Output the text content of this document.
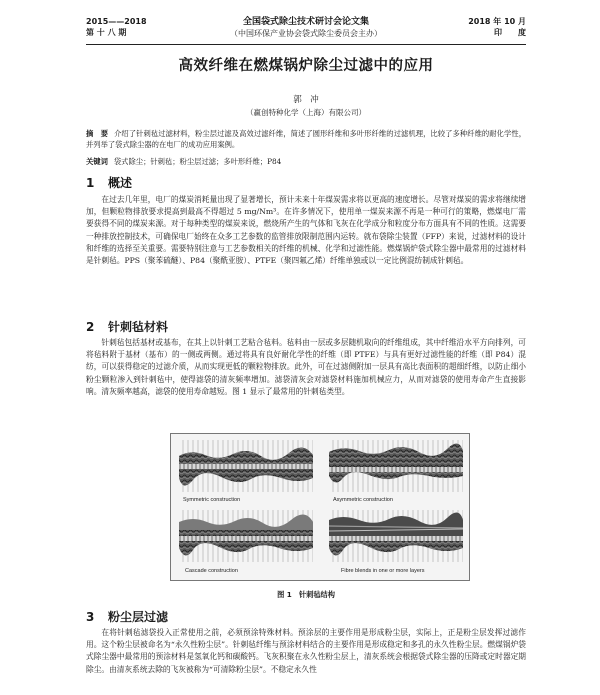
2015——2018
第 十 八 期
全国袋式除尘技术研讨会论文集
（中国环保产业协会袋式除尘委员会主办）
2018 年 10 月
印　　度
高效纤维在燃煤锅炉除尘过滤中的应用
郭　冲
（赢创特种化学（上海）有限公司）
摘　要 介绍了针刺毡过滤材料，粉尘层过滤及高效过滤纤维，简述了圆形纤维和多叶形纤维的过滤机理，比较了多种纤维的耐化学性，并列举了袋式除尘器的在电厂的成功应用案例。
关键词 袋式除尘；针刺毡；粉尘层过滤；多叶形纤维；P84
1 概述
在过去几年里，电厂的煤炭消耗量出现了显著增长，预计未来十年煤炭需求将以更高的速度增长。尽管对煤炭的需求将继续增加，但颗粒物排放要求提高到最高不得超过 5 mg/Nm³。在许多情况下，使用单一煤炭来源不再是一种可行的策略，燃煤电厂需要获得不同的煤炭来源。对于每种类型的煤炭来说，燃烧所产生的气体和飞灰在化学成分和粒度分布方面具有不同的性质。这需要一种排放控制技术，可确保电厂始终在众多工艺参数的监管排放限制范围内运转。就布袋除尘装置（FFP）来说，过滤材料的设计和纤维的选择至关重要。需要特别注意与工艺参数相关的纤维的机械、化学和过滤性能。燃煤锅炉袋式除尘器中最常用的过滤材料是针刺毡。PPS（聚苯硫醚）、P84（聚酰亚胺）、PTFE（聚四氟乙烯）纤维单独或以一定比例混纺制成针刺毡。
2 针刺毡材料
针刺毡包括基材或基布，在其上以针刺工艺粘合毡料。毡料由一层或多层随机取向的纤维组成，其中纤维沿水平方向排列，可将毡料附于基材（基布）的一侧或两侧。通过将具有良好耐化学性的纤维（即 PTFE）与具有更好过滤性能的纤维（即 P84）混纺，可以获得稳定的过滤介质，从而实现更低的颗粒物排放。此外，可在过滤侧附加一层具有高比表面积的超细纤维，以防止细小粉尘颗粒渗入到针刺毡中，使得滤袋的清灰频率增加。滤袋清灰会对滤袋材料施加机械应力，从而对滤袋的使用寿命产生直接影响。清灰频率越高，滤袋的使用寿命越短。图 1 显示了最常用的针刺毡类型。
Symmetric construction	Asymmetric construction
Cascade construction	Fibre blends in one or more layers
图 1　针刺毡结构
3 粉尘层过滤
在将针刺毡滤袋投入正常使用之前，必须预涂特殊材料。预涂层的主要作用是形成粉尘层，实际上，正是粉尘层发挥过滤作用。这个粉尘层被命名为“永久性粉尘层”。针刺毡纤维与预涂材料结合的主要作用是形成稳定和多孔的永久性粉尘层。燃煤锅炉袋式除尘器中最常用的预涂材料是氢氧化钙和碳酸钙。飞灰积聚在永久性粉尘层上，清灰系统会根据袋式除尘器的压降或定时器定期除尘。由清灰系统去除的飞灰被称为“可清除粉尘层”。不稳定永久性
